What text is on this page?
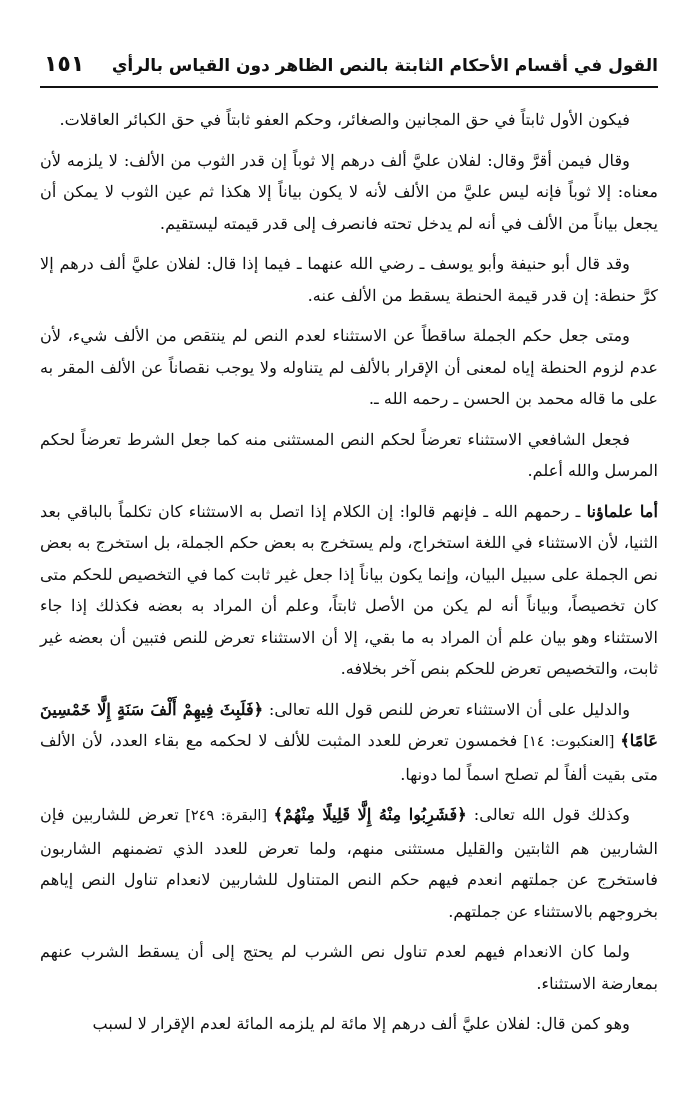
القول في أقسام الأحكام الثابتة بالنص الظاهر دون القياس بالرأي
١٥١

فيكون الأول ثابتاً في حق المجانين والصغائر، وحكم العفو ثابتاً في حق الكبائر العاقلات.

وقال فيمن أقرَّ وقال: لفلان عليَّ ألف درهم إلا ثوباً إن قدر الثوب من الألف: لا يلزمه لأن معناه: إلا ثوباً فإنه ليس عليَّ من الألف لأنه لا يكون بياناً إلا هكذا ثم عين الثوب لا يمكن أن يجعل بياناً من الألف في أنه لم يدخل تحته فانصرف إلى قدر قيمته ليستقيم.

وقد قال أبو حنيفة وأبو يوسف ـ رضي الله عنهما ـ فيما إذا قال: لفلان عليَّ ألف درهم إلا كرَّ حنطة: إن قدر قيمة الحنطة يسقط من الألف عنه.

ومتى جعل حكم الجملة ساقطاً عن الاستثناء لعدم النص لم ينتقص من الألف شيء، لأن عدم لزوم الحنطة إياه لمعنى أن الإقرار بالألف لم يتناوله ولا يوجب نقصاناً عن الألف المقر به على ما قاله محمد بن الحسن ـ رحمه الله ـ.

فجعل الشافعي الاستثناء تعرضاً لحكم النص المستثنى منه كما جعل الشرط تعرضاً لحكم المرسل والله أعلم.

أما علماؤنا ـ رحمهم الله ـ فإنهم قالوا: إن الكلام إذا اتصل به الاستثناء كان تكلماً بالباقي بعد الثنيا، لأن الاستثناء في اللغة استخراج، ولم يستخرج به بعض حكم الجملة، بل استخرج به بعض نص الجملة على سبيل البيان، وإنما يكون بياناً إذا جعل غير ثابت كما في التخصيص للحكم متى كان تخصيصاً، وبياناً أنه لم يكن من الأصل ثابتاً، وعلم أن المراد به بعضه فكذلك إذا جاء الاستثناء وهو بيان علم أن المراد به ما بقي، إلا أن الاستثناء تعرض للنص فتبين أن بعضه غير ثابت، والتخصيص تعرض للحكم بنص آخر بخلافه.

والدليل على أن الاستثناء تعرض للنص قول الله تعالى: ﴿فَلَبِثَ فِيهِمْ أَلْفَ سَنَةٍ إِلَّا خَمْسِينَ عَامًا﴾ [العنكبوت: ١٤] فخمسون تعرض للعدد المثبت للألف لا لحكمه مع بقاء العدد، لأن الألف متى بقيت ألفاً لم تصلح اسماً لما دونها.

وكذلك قول الله تعالى: ﴿فَشَرِبُوا مِنْهُ إِلَّا قَلِيلًا مِنْهُمْ﴾ [البقرة: ٢٤٩] تعرض للشاربين فإن الشاربين هم الثابتين والقليل مستثنى منهم، ولما تعرض للعدد الذي تضمنهم الشاربون فاستخرج عن جملتهم انعدم فيهم حكم النص المتناول للشاربين لانعدام تناول النص إياهم بخروجهم بالاستثناء عن جملتهم.

ولما كان الانعدام فيهم لعدم تناول نص الشرب لم يحتج إلى أن يسقط الشرب عنهم بمعارضة الاستثناء.

وهو كمن قال: لفلان عليَّ ألف درهم إلا مائة لم يلزمه المائة لعدم الإقرار لا لسبب
